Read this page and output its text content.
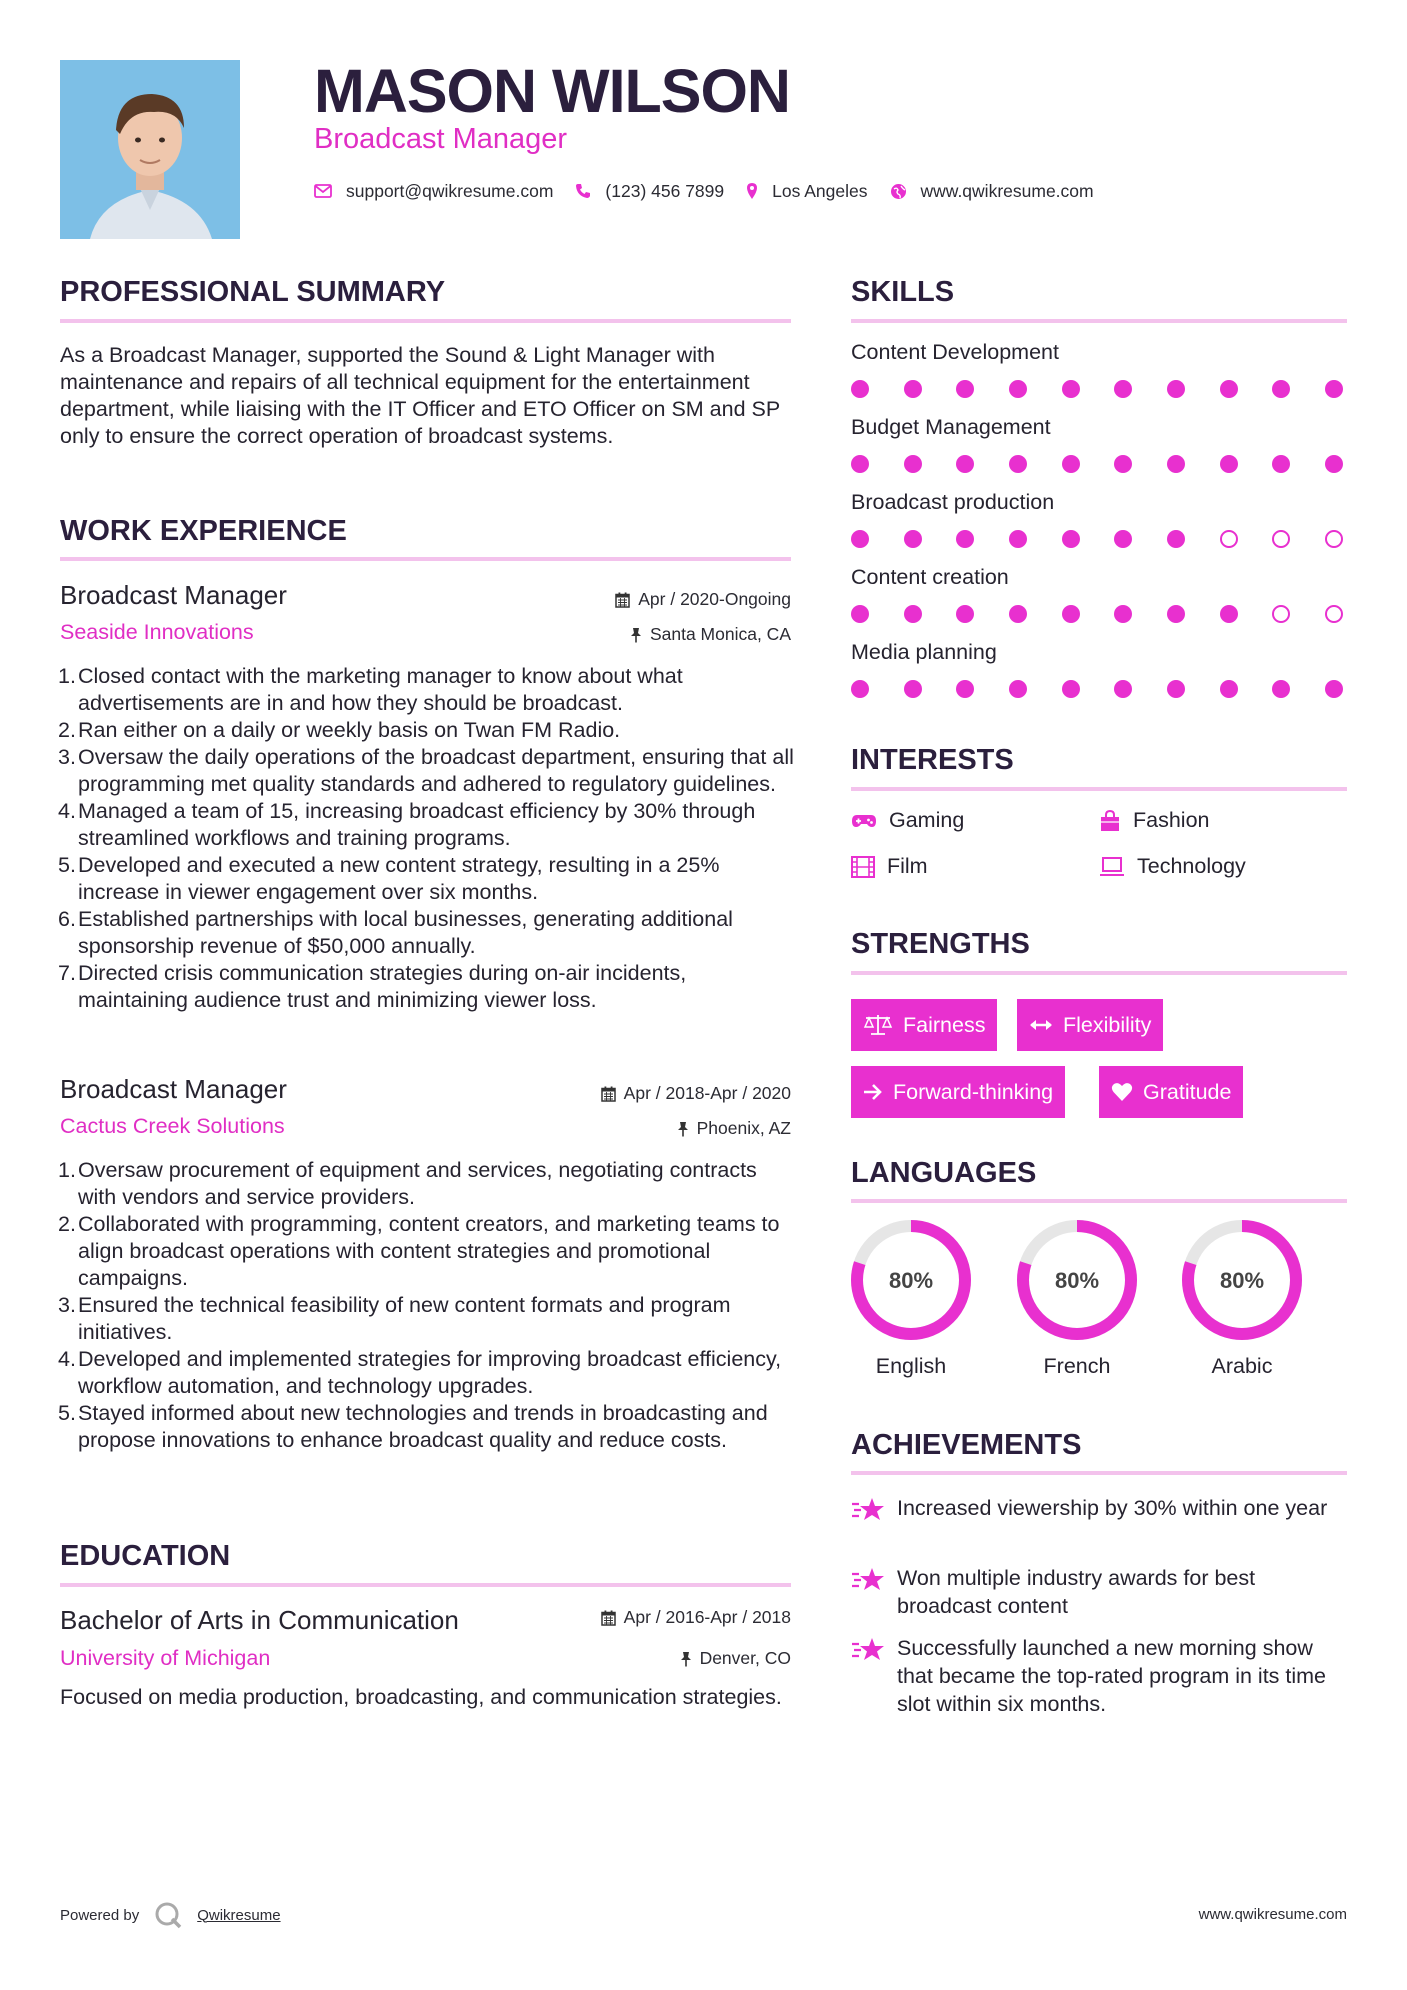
MASON WILSON
Broadcast Manager
support@qwikresume.com	(123) 456 7899	Los Angeles	www.qwikresume.com
PROFESSIONAL SUMMARY
As a Broadcast Manager, supported the Sound & Light Manager with maintenance and repairs of all technical equipment for the entertainment department, while liaising with the IT Officer and ETO Officer on SM and SP only to ensure the correct operation of broadcast systems.
WORK EXPERIENCE
Broadcast Manager
Seaside Innovations
Apr / 2020-Ongoing
Santa Monica, CA
1. Closed contact with the marketing manager to know about what advertisements are in and how they should be broadcast.
2. Ran either on a daily or weekly basis on Twan FM Radio.
3. Oversaw the daily operations of the broadcast department, ensuring that all programming met quality standards and adhered to regulatory guidelines.
4. Managed a team of 15, increasing broadcast efficiency by 30% through streamlined workflows and training programs.
5. Developed and executed a new content strategy, resulting in a 25% increase in viewer engagement over six months.
6. Established partnerships with local businesses, generating additional sponsorship revenue of $50,000 annually.
7. Directed crisis communication strategies during on-air incidents, maintaining audience trust and minimizing viewer loss.
Broadcast Manager
Cactus Creek Solutions
Apr / 2018-Apr / 2020
Phoenix, AZ
1. Oversaw procurement of equipment and services, negotiating contracts with vendors and service providers.
2. Collaborated with programming, content creators, and marketing teams to align broadcast operations with content strategies and promotional campaigns.
3. Ensured the technical feasibility of new content formats and program initiatives.
4. Developed and implemented strategies for improving broadcast efficiency, workflow automation, and technology upgrades.
5. Stayed informed about new technologies and trends in broadcasting and propose innovations to enhance broadcast quality and reduce costs.
EDUCATION
Bachelor of Arts in Communication
University of Michigan
Apr / 2016-Apr / 2018
Denver, CO
Focused on media production, broadcasting, and communication strategies.
SKILLS
Content Development
Budget Management
Broadcast production
Content creation
Media planning
INTERESTS
Gaming	Fashion
Film	Technology
STRENGTHS
Fairness	Flexibility
Forward-thinking	Gratitude
LANGUAGES
80%
English
80%
French
80%
Arabic
ACHIEVEMENTS
Increased viewership by 30% within one year
Won multiple industry awards for best broadcast content
Successfully launched a new morning show that became the top-rated program in its time slot within six months.
Powered by	Qwikresume	www.qwikresume.com
